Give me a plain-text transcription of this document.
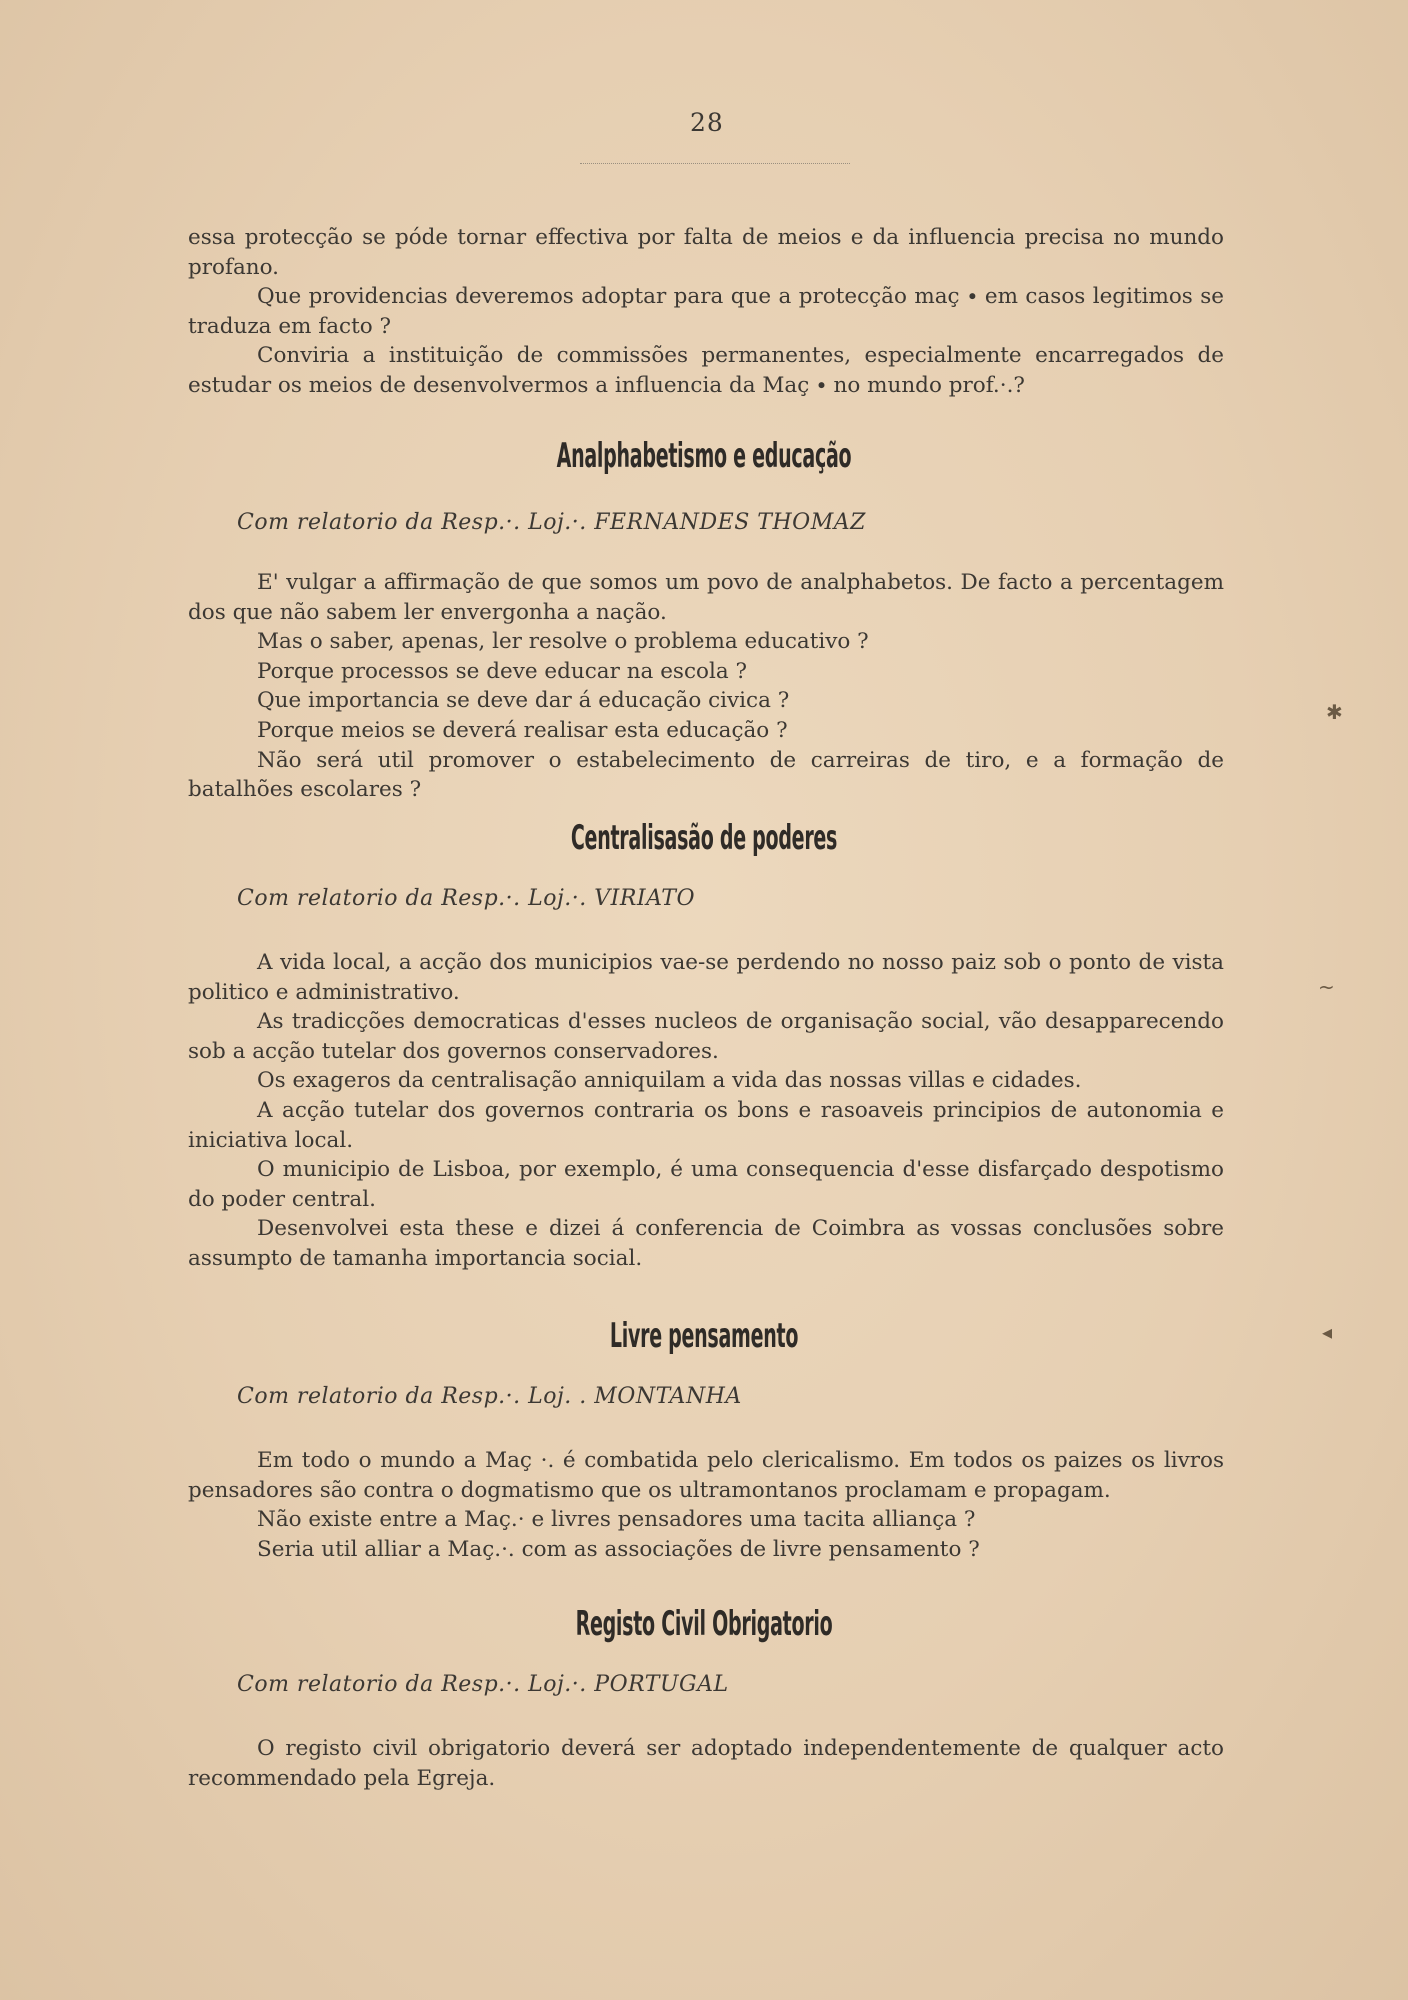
28

essa protecção se póde tornar effectiva por falta de meios e da influencia precisa no mundo profano.

Que providencias deveremos adoptar para que a protecção maç ∙ em casos legitimos se traduza em facto ?

Conviria a instituição de commissões permanentes, especialmente encarregados de estudar os meios de desenvolvermos a influencia da Maç ∙ no mundo prof.·.?

Analphabetismo e educação
Com relatorio da Resp.·. Loj.·. FERNANDES THOMAZ

E' vulgar a affirmação de que somos um povo de analphabetos. De facto a percentagem dos que não sabem ler envergonha a nação.

Mas o saber, apenas, ler resolve o problema educativo ?

Porque processos se deve educar na escola ?

Que importancia se deve dar á educação civica ?

Porque meios se deverá realisar esta educação ?

Não será util promover o estabelecimento de carreiras de tiro, e a formação de batalhões escolares ?

Centralisasão de poderes
Com relatorio da Resp.·. Loj.·. VIRIATO

A vida local, a acção dos municipios vae-se perdendo no nosso paiz sob o ponto de vista politico e administrativo.

As tradicções democraticas d'esses nucleos de organisação social, vão desapparecendo sob a acção tutelar dos governos conservadores.

Os exageros da centralisação anniquilam a vida das nossas villas e cidades.

A acção tutelar dos governos contraria os bons e rasoaveis principios de autonomia e iniciativa local.

O municipio de Lisboa, por exemplo, é uma consequencia d'esse disfarçado despotismo do poder central.

Desenvolvei esta these e dizei á conferencia de Coimbra as vossas conclusões sobre assumpto de tamanha importancia social.

Livre pensamento
Com relatorio da Resp.·. Loj. . MONTANHA

Em todo o mundo a Maç ·. é combatida pelo clericalismo. Em todos os paizes os livros pensadores são contra o dogmatismo que os ultramontanos proclamam e propagam.

Não existe entre a Maç.· e livres pensadores uma tacita alliança ?

Seria util alliar a Maç.·. com as associações de livre pensamento ?

Registo Civil Obrigatorio
Com relatorio da Resp.·. Loj.·. PORTUGAL

O registo civil obrigatorio deverá ser adoptado independentemente de qualquer acto recommendado pela Egreja.

✱
~
◂
